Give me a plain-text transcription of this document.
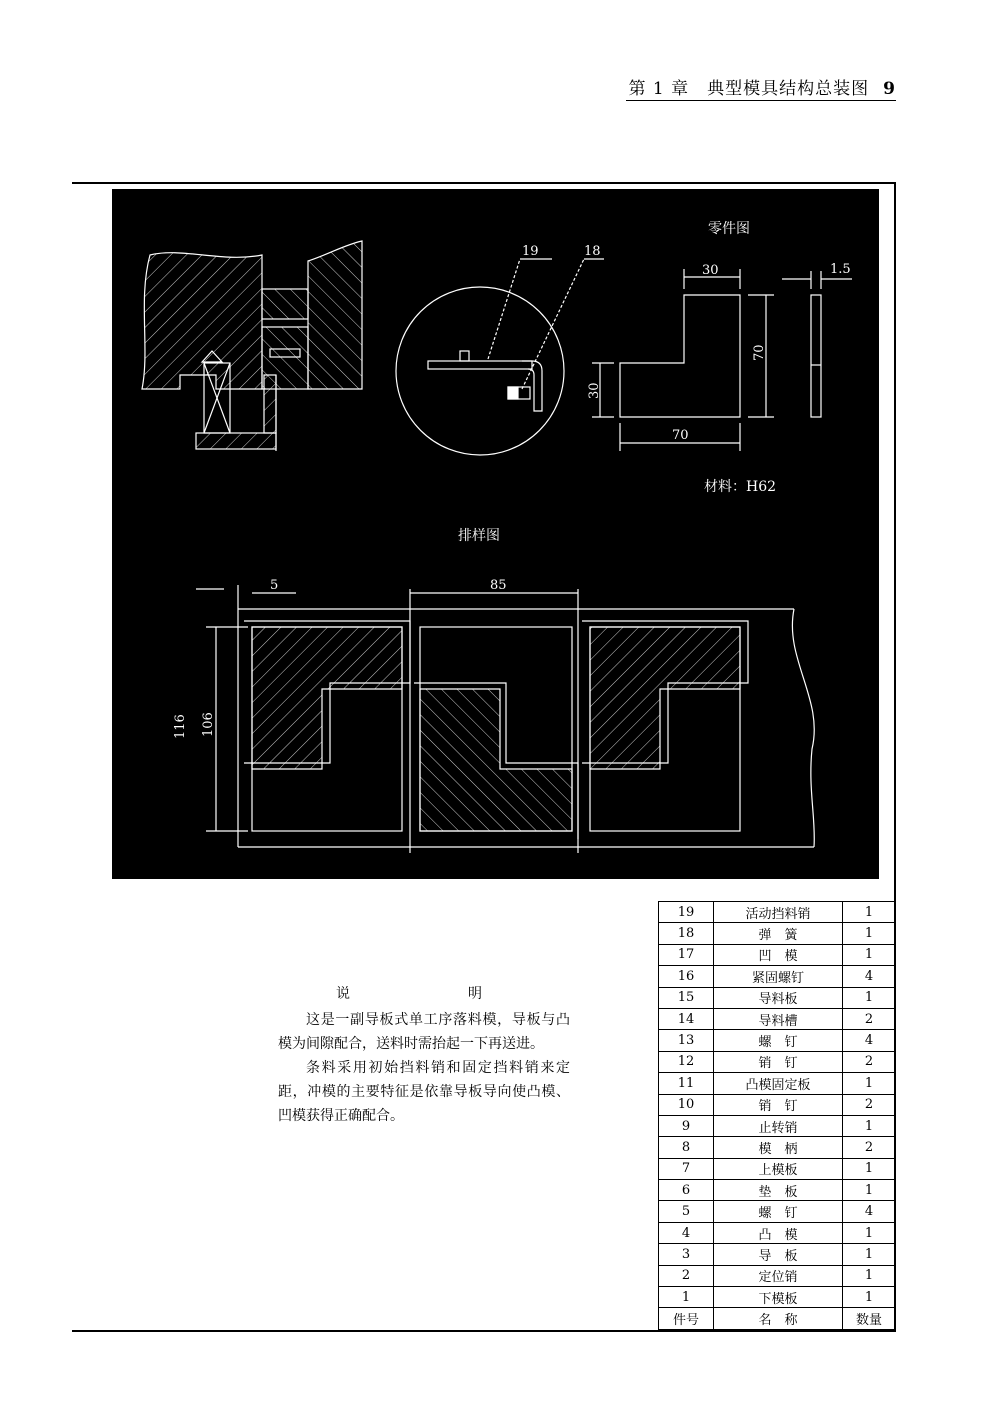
第 1 章　典型模具结构总装图 9
零件图
19	18
30	1.5
70
30
70
材料：H62
排样图
5	85
116 106
说　　明

这是一副导板式单工序落料模，导板与凸模为间隙配合，送料时需抬起一下再送进。

条料采用初始挡料销和固定挡料销来定距，冲模的主要特征是依靠导板导向使凸模、凹模获得正确配合。

19	活动挡料销	1
18	弹　簧	1
17	凹　模	1
16	紧固螺钉	4
15	导料板	1
14	导料槽	2
13	螺　钉	4
12	销　钉	2
11	凸模固定板	1
10	销　钉	2
9	止转销	1
8	模　柄	2
7	上模板	1
6	垫　板	1
5	螺　钉	4
4	凸　模	1
3	导　板	1
2	定位销	1
1	下模板	1
件号	名　称	数量
